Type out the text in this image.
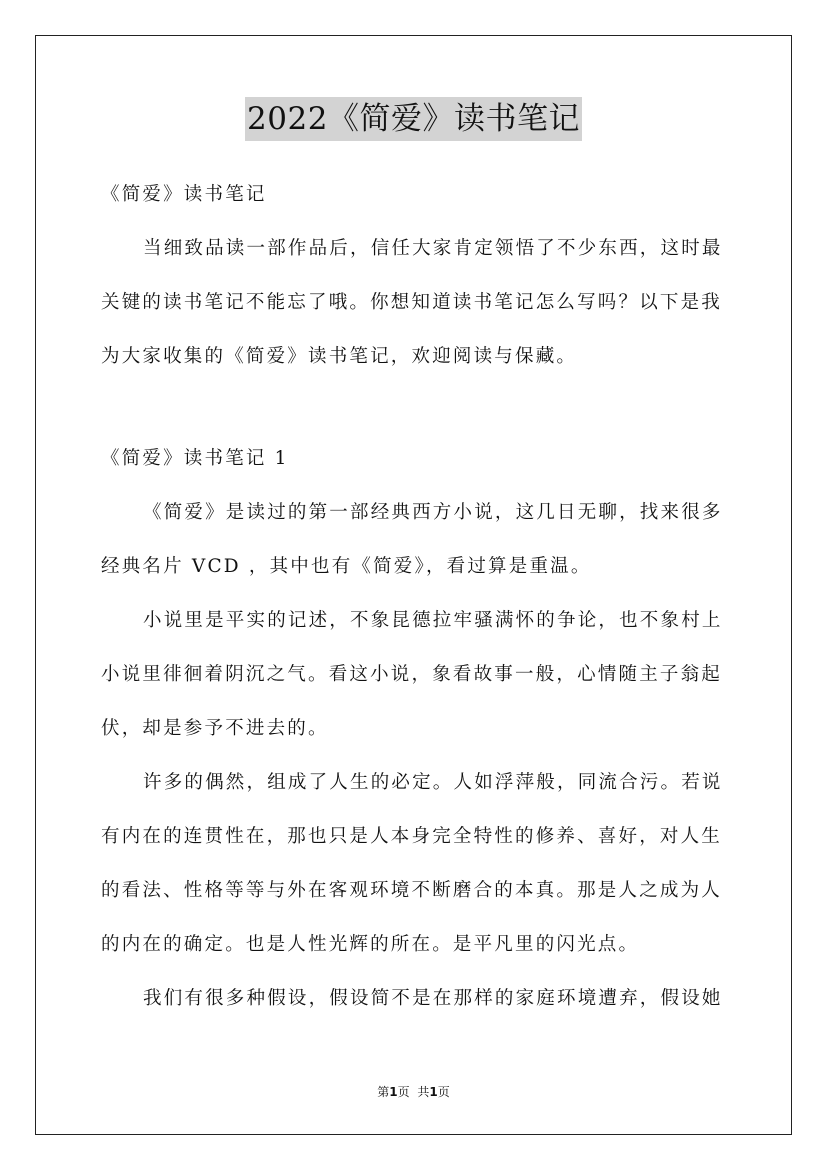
2022《简爱》读书笔记
《简爱》读书笔记
当细致品读一部作品后，信任大家肯定领悟了不少东西，这时最
关键的读书笔记不能忘了哦。你想知道读书笔记怎么写吗？以下是我
为大家收集的《简爱》读书笔记，欢迎阅读与保藏。
《简爱》读书笔记 1
《简爱》是读过的第一部经典西方小说，这几日无聊，找来很多
经典名片 VCD ，其中也有《简爱》，看过算是重温。
小说里是平实的记述，不象昆德拉牢骚满怀的争论，也不象村上
小说里徘徊着阴沉之气。看这小说，象看故事一般，心情随主子翁起
伏，却是参予不进去的。
许多的偶然，组成了人生的必定。人如浮萍般，同流合污。若说
有内在的连贯性在，那也只是人本身完全特性的修养、喜好，对人生
的看法、性格等等与外在客观环境不断磨合的本真。那是人之成为人
的内在的确定。也是人性光辉的所在。是平凡里的闪光点。
我们有很多种假设，假设简不是在那样的家庭环境遭弃，假设她
第1页 共1页
